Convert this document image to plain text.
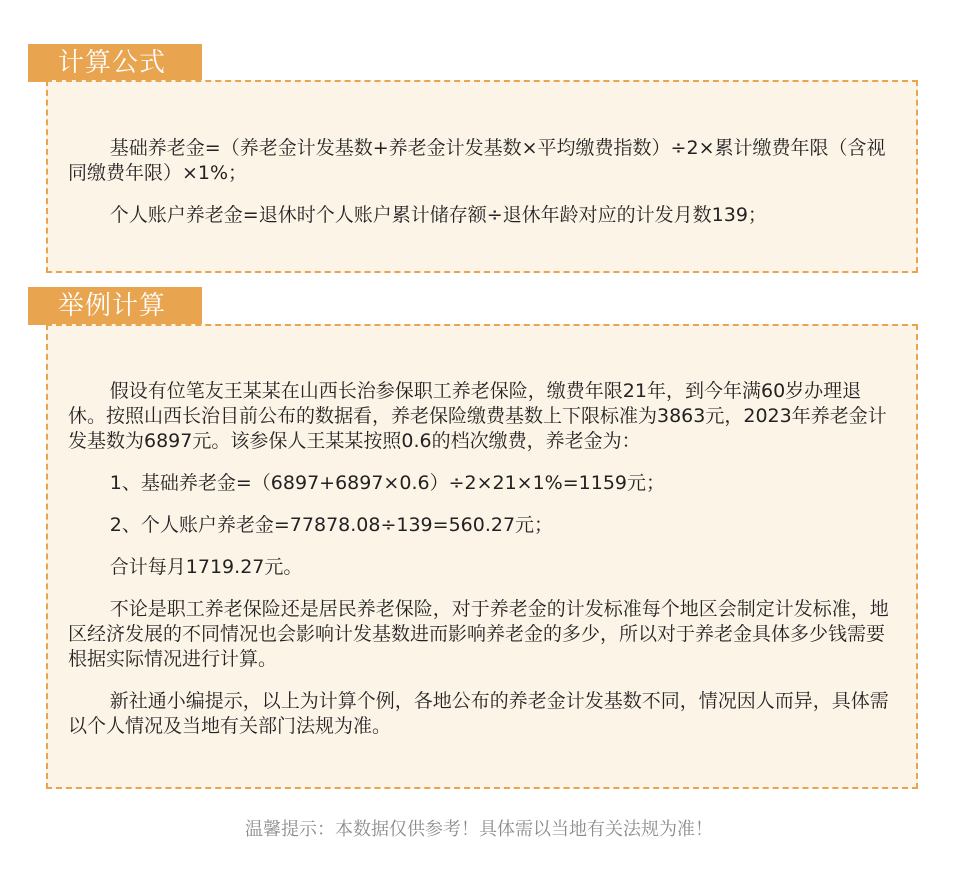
计算公式

基础养老金=（养老金计发基数+养老金计发基数×平均缴费指数）÷2×累计缴费年限（含视同缴费年限）×1%；

个人账户养老金=退休时个人账户累计储存额÷退休年龄对应的计发月数139；

举例计算

假设有位笔友王某某在山西长治参保职工养老保险，缴费年限21年，到今年满60岁办理退休。按照山西长治目前公布的数据看，养老保险缴费基数上下限标准为3863元，2023年养老金计发基数为6897元。该参保人王某某按照0.6的档次缴费，养老金为：

1、基础养老金=（6897+6897×0.6）÷2×21×1%=1159元；

2、个人账户养老金=77878.08÷139=560.27元；

合计每月1719.27元。

不论是职工养老保险还是居民养老保险，对于养老金的计发标准每个地区会制定计发标准，地区经济发展的不同情况也会影响计发基数进而影响养老金的多少，所以对于养老金具体多少钱需要根据实际情况进行计算。

新社通小编提示，以上为计算个例，各地公布的养老金计发基数不同，情况因人而异，具体需以个人情况及当地有关部门法规为准。

温馨提示：本数据仅供参考！具体需以当地有关法规为准！
